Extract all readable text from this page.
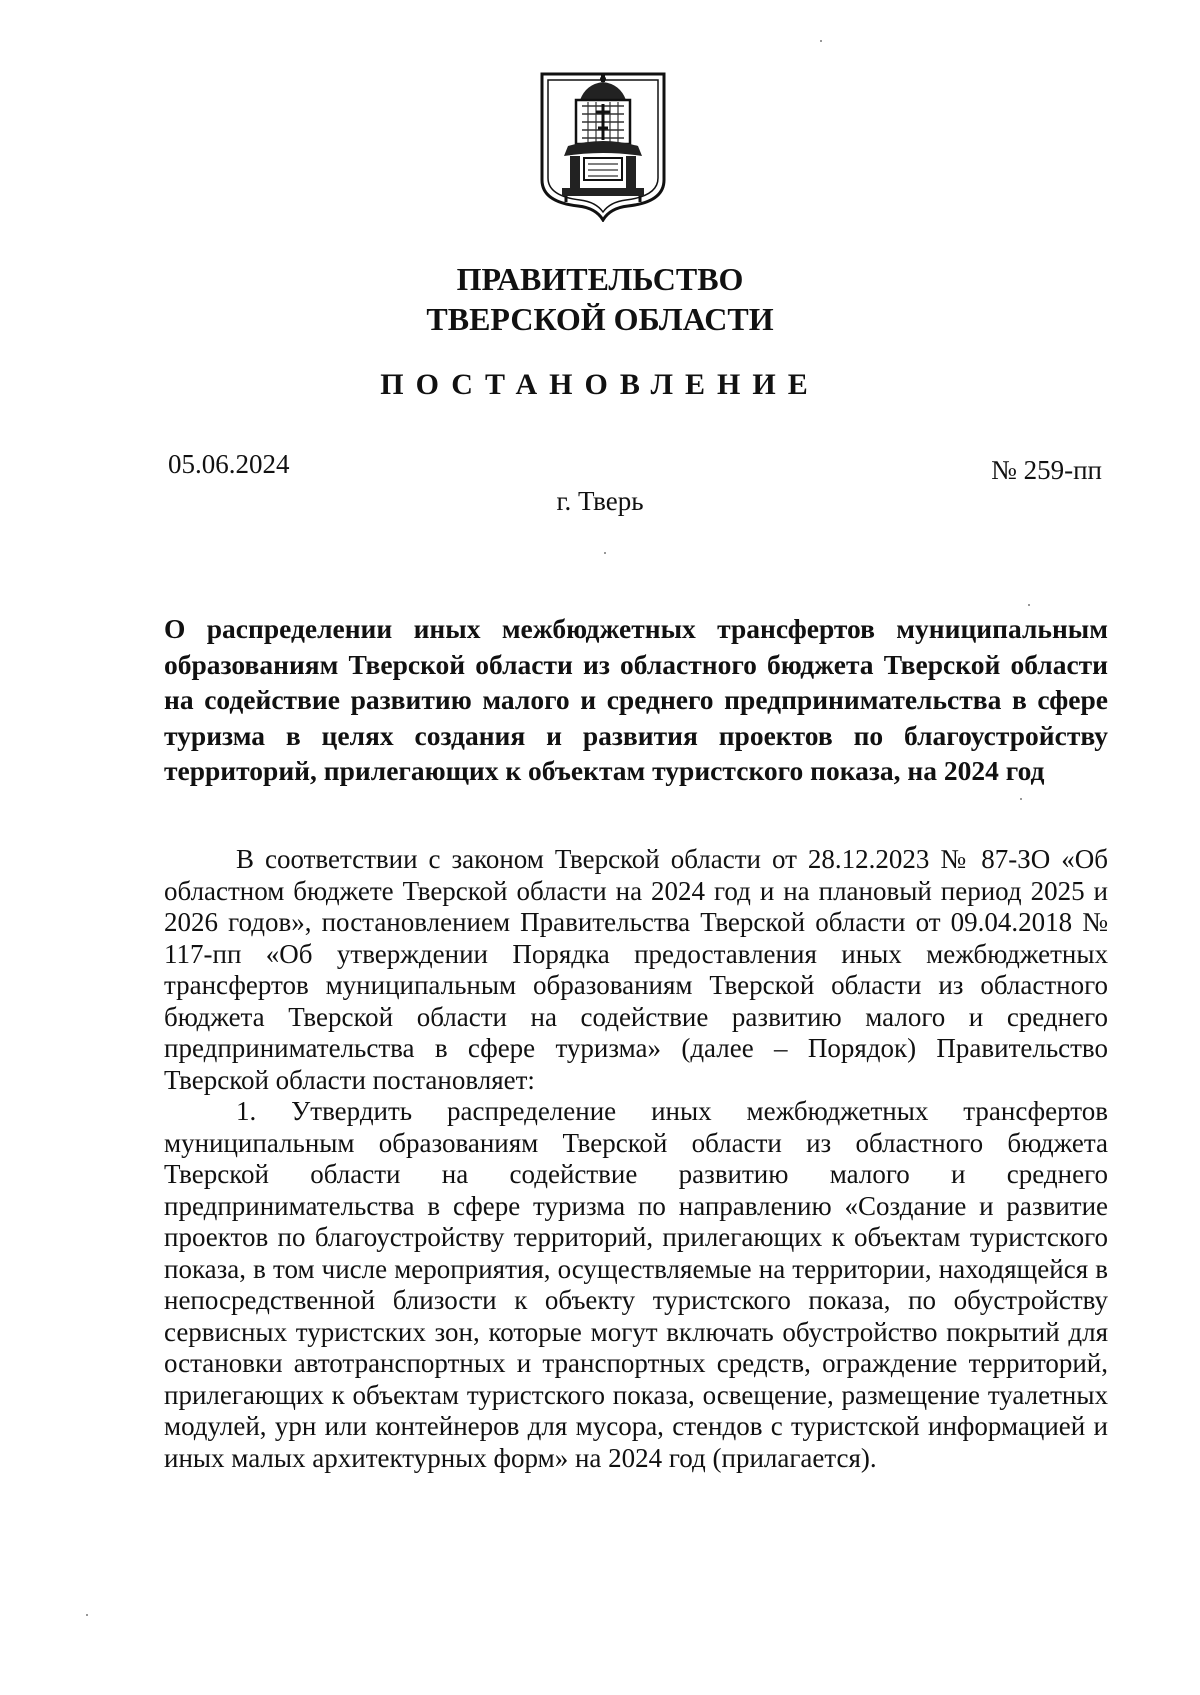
ПРАВИТЕЛЬСТВО
ТВЕРСКОЙ ОБЛАСТИ
ПОСТАНОВЛЕНИЕ
05.06.2024	№ 259-пп
г. Тверь
О распределении иных межбюджетных трансфертов муниципальным образованиям Тверской области из областного бюджета Тверской области на содействие развитию малого и среднего предпринимательства в сфере туризма в целях создания и развития проектов по благоустройству территорий, прилегающих к объектам туристского показа, на 2024 год

В соответствии с законом Тверской области от 28.12.2023 № 87-ЗО «Об областном бюджете Тверской области на 2024 год и на плановый период 2025 и 2026 годов», постановлением Правительства Тверской области от 09.04.2018 № 117-пп «Об утверждении Порядка предоставления иных межбюджетных трансфертов муниципальным образованиям Тверской области из областного бюджета Тверской области на содействие развитию малого и среднего предпринимательства в сфере туризма» (далее – Порядок) Правительство Тверской области постановляет:

1. Утвердить распределение иных межбюджетных трансфертов муниципальным образованиям Тверской области из областного бюджета Тверской области на содействие развитию малого и среднего предпринимательства в сфере туризма по направлению «Создание и развитие проектов по благоустройству территорий, прилегающих к объектам туристского показа, в том числе мероприятия, осуществляемые на территории, находящейся в непосредственной близости к объекту туристского показа, по обустройству сервисных туристских зон, которые могут включать обустройство покрытий для остановки автотранспортных и транспортных средств, ограждение территорий, прилегающих к объектам туристского показа, освещение, размещение туалетных модулей, урн или контейнеров для мусора, стендов с туристской информацией и иных малых архитектурных форм» на 2024 год (прилагается).
